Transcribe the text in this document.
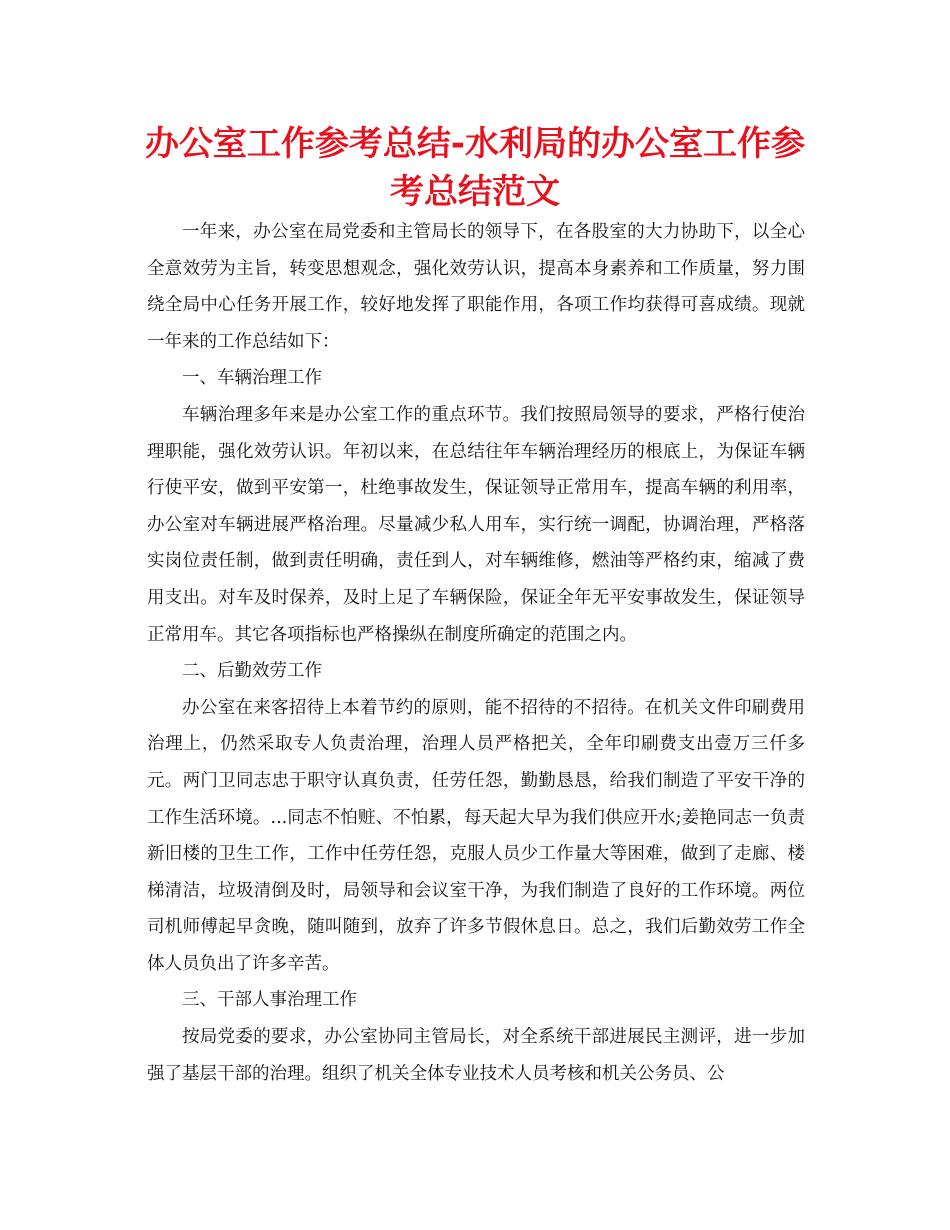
办公室工作参考总结-水利局的办公室工作参考总结范文

一年来，办公室在局党委和主管局长的领导下，在各股室的大力协助下，以全心全意效劳为主旨，转变思想观念，强化效劳认识，提高本身素养和工作质量，努力围绕全局中心任务开展工作，较好地发挥了职能作用，各项工作均获得可喜成绩。现就一年来的工作总结如下：

一、车辆治理工作

车辆治理多年来是办公室工作的重点环节。我们按照局领导的要求，严格行使治理职能，强化效劳认识。年初以来，在总结往年车辆治理经历的根底上，为保证车辆行使平安，做到平安第一，杜绝事故发生，保证领导正常用车，提高车辆的利用率，办公室对车辆进展严格治理。尽量减少私人用车，实行统一调配，协调治理，严格落实岗位责任制，做到责任明确，责任到人，对车辆维修，燃油等严格约束，缩减了费用支出。对车及时保养，及时上足了车辆保险，保证全年无平安事故发生，保证领导正常用车。其它各项指标也严格操纵在制度所确定的范围之内。

二、后勤效劳工作

办公室在来客招待上本着节约的原则，能不招待的不招待。在机关文件印刷费用治理上，仍然采取专人负责治理，治理人员严格把关，全年印刷费支出壹万三仟多元。两门卫同志忠于职守认真负责，任劳任怨，勤勤恳恳，给我们制造了平安干净的工作生活环境。...同志不怕赃、不怕累，每天起大早为我们供应开水;姜艳同志一负责新旧楼的卫生工作，工作中任劳任怨，克服人员少工作量大等困难，做到了走廊、楼梯清洁，垃圾清倒及时，局领导和会议室干净，为我们制造了良好的工作环境。两位司机师傅起早贪晚，随叫随到，放弃了许多节假休息日。总之，我们后勤效劳工作全体人员负出了许多辛苦。

三、干部人事治理工作

按局党委的要求，办公室协同主管局长，对全系统干部进展民主测评，进一步加强了基层干部的治理。组织了机关全体专业技术人员考核和机关公务员、公
